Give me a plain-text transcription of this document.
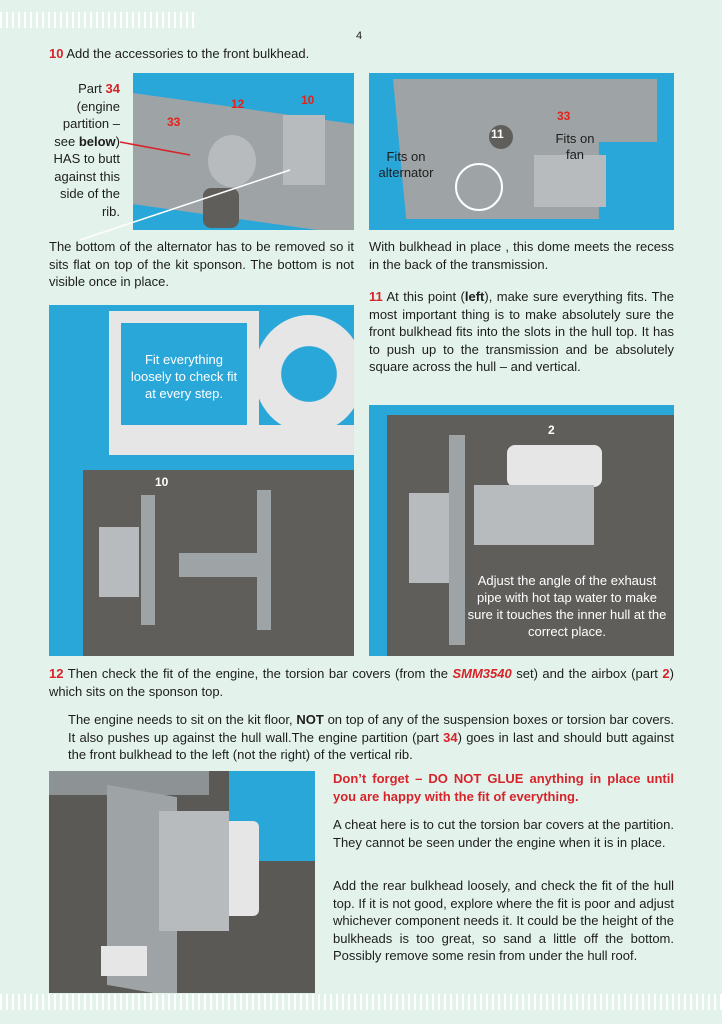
4
10 Add the accessories to the front bulkhead.
Part 34 (engine partition – see below) HAS to butt against this side of the rib.
33
12	10
33
11
Fits on alternator
Fits on fan
The bottom of the alternator has to be removed so it sits flat on top of the kit sponson. The bottom is not visible once in place.
With bulkhead in place , this dome meets the recess in the back of the transmission.
11 At this point (left), make sure everything fits. The most important thing is to make absolutely sure the front bulkhead fits into the slots in the hull top. It has to push up to the transmission and be absolutely square across the hull – and vertical.
Fit everything loosely to check fit at every step.
10
2
Adjust the angle of the exhaust pipe with hot tap water to make sure it touches the inner hull at the correct place.
12 Then check the fit of the engine, the torsion bar covers (from the SMM3540 set) and the airbox (part 2) which sits on the sponson top.
The engine needs to sit on the kit floor, NOT on top of any of the suspension boxes or torsion bar covers. It also pushes up against the hull wall.The engine partition (part 34) goes in last and should butt against the front bulkhead to the left (not the right) of the vertical rib.
Don’t forget – DO NOT GLUE anything in place until you are happy with the fit of everything.
A cheat here is to cut the torsion bar covers at the partition. They cannot be seen under the engine when it is in place.
Add the rear bulkhead loosely, and check the fit of the hull top. If it is not good, explore where the fit is poor and adjust whichever component needs it. It could be the height of the bulkheads is too great, so sand a little off the bottom. Possibly remove some resin from under the hull roof.
